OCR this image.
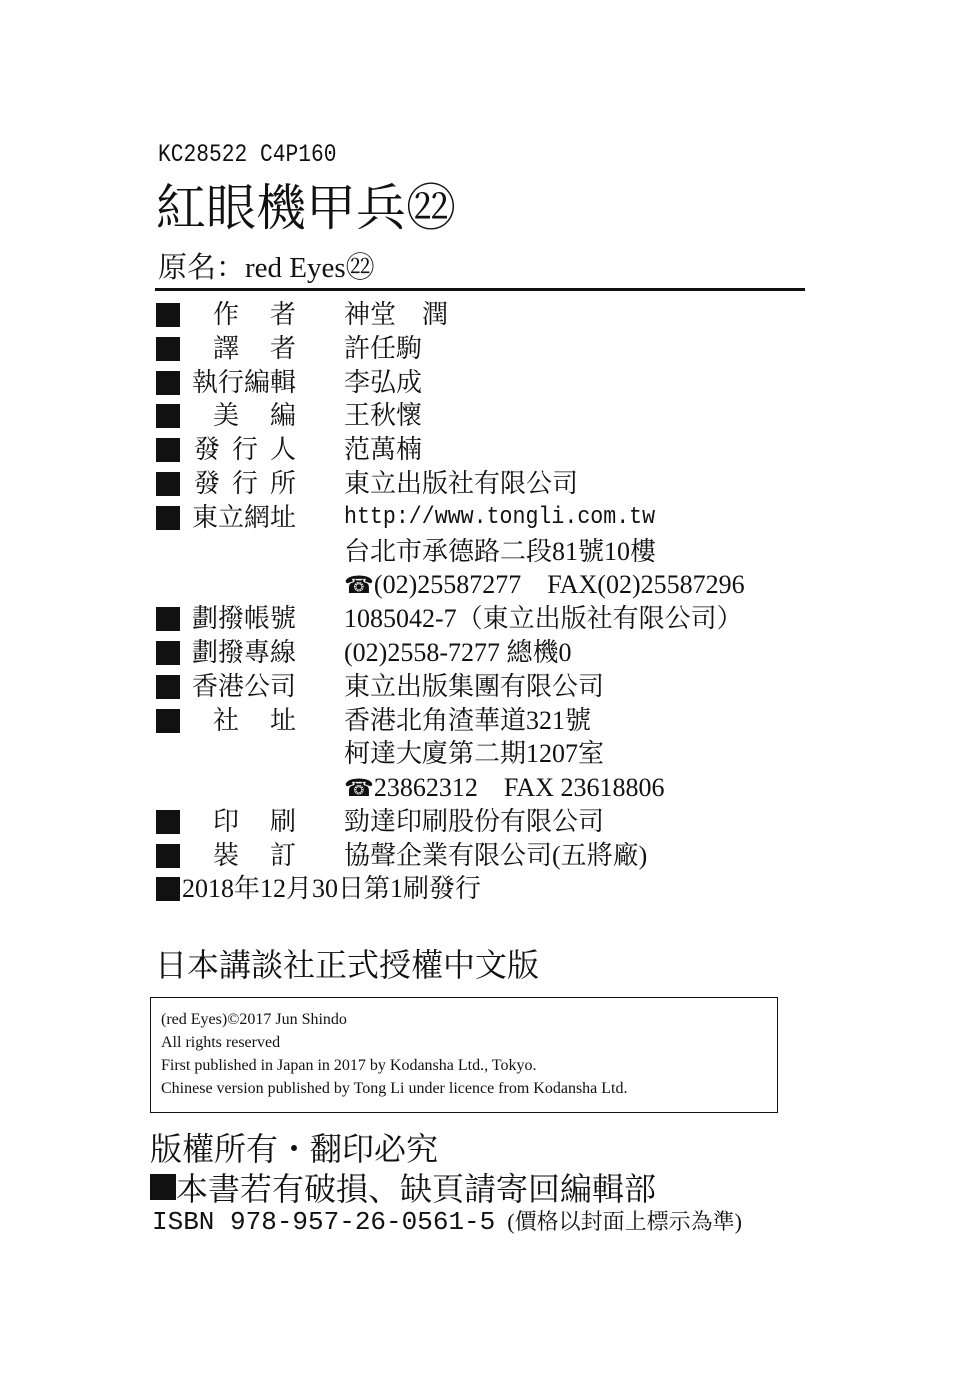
KC28522 C4P160
紅眼機甲兵㉒
原名：red Eyes㉒
作 者 神堂　潤
譯 者 許任駒
執行編輯 李弘成
美 編 王秋懷
發 行 人 范萬楠
發 行 所 東立出版社有限公司
東立網址 http://www.tongli.com.tw
台北市承德路二段81號10樓
☎(02)25587277　FAX(02)25587296
劃撥帳號 1085042-7（東立出版社有限公司）
劃撥專線 (02)2558-7277 總機0
香港公司 東立出版集團有限公司
社 址 香港北角渣華道321號
柯達大廈第二期1207室
☎23862312　FAX 23618806
印 刷 勁達印刷股份有限公司
裝 訂 協聲企業有限公司(五將廠)
2018年12月30日第1刷發行
日本講談社正式授權中文版
(red Eyes)©2017 Jun Shindo
All rights reserved
First published in Japan in 2017 by Kodansha Ltd., Tokyo.
Chinese version published by Tong Li under licence from Kodansha Ltd.
版權所有・翻印必究
本書若有破損、缺頁請寄回編輯部
ISBN 978-957-26-0561-5 (價格以封面上標示為準)
